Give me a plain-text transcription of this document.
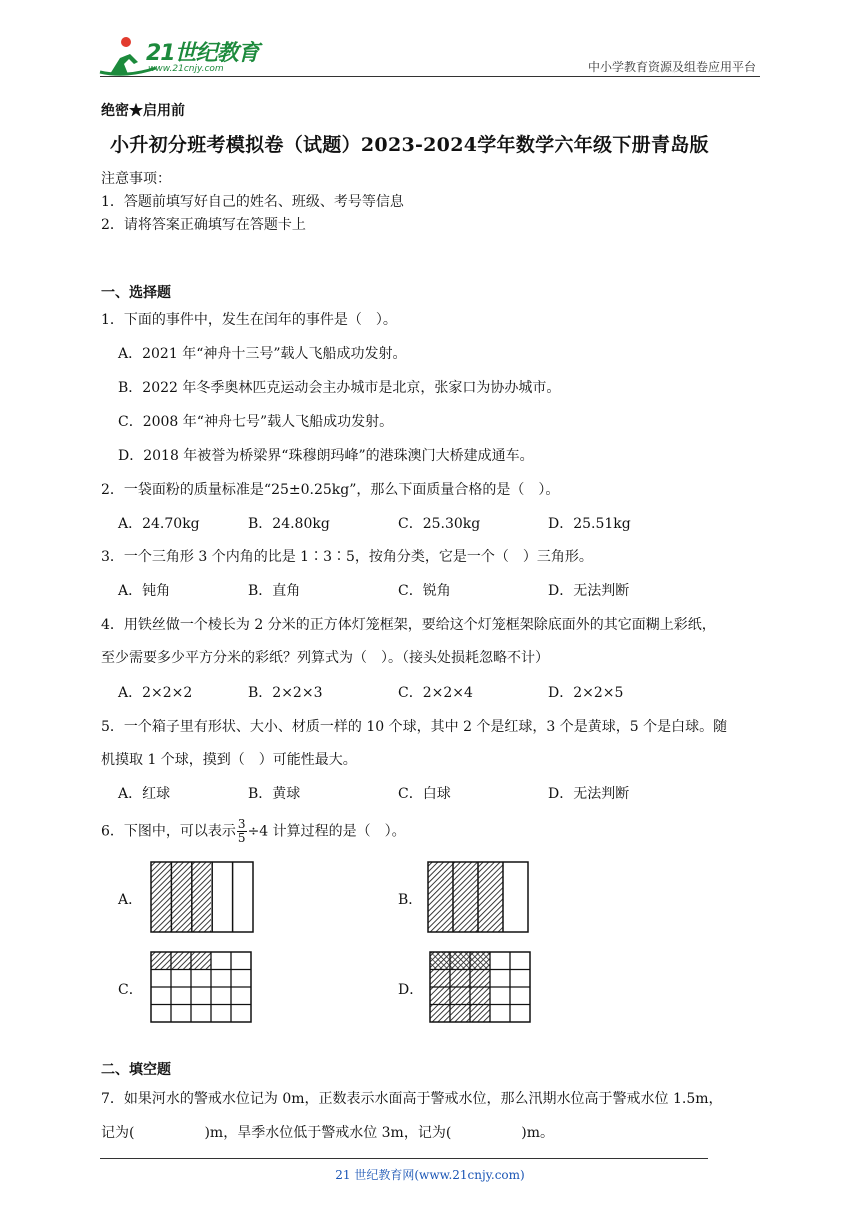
21世纪教育
www.21cnjy.com	中小学教育资源及组卷应用平台
绝密★启用前
小升初分班考模拟卷（试题）2023-2024学年数学六年级下册青岛版
注意事项：
1．答题前填写好自己的姓名、班级、考号等信息
2．请将答案正确填写在答题卡上
一、选择题
1．下面的事件中，发生在闰年的事件是（　）。
A．2021 年“神舟十三号”载人飞船成功发射。
B．2022 年冬季奥林匹克运动会主办城市是北京，张家口为协办城市。
C．2008 年“神舟七号”载人飞船成功发射。
D．2018 年被誉为桥梁界“珠穆朗玛峰”的港珠澳门大桥建成通车。
2．一袋面粉的质量标准是“25±0.25kg”，那么下面质量合格的是（　）。
A．24.70kg	B．24.80kg	C．25.30kg	D．25.51kg
3．一个三角形 3 个内角的比是 1∶3∶5，按角分类，它是一个（　）三角形。
A．钝角	B．直角	C．锐角	D．无法判断
4．用铁丝做一个棱长为 2 分米的正方体灯笼框架，要给这个灯笼框架除底面外的其它面糊上彩纸，
至少需要多少平方分米的彩纸？列算式为（　）。（接头处损耗忽略不计）
A．2×2×2	B．2×2×3	C．2×2×4	D．2×2×5
5．一个箱子里有形状、大小、材质一样的 10 个球，其中 2 个是红球，3 个是黄球，5 个是白球。随
机摸取 1 个球，摸到（　）可能性最大。
A．红球	B．黄球	C．白球	D．无法判断
6．下图中，可以表示 $\frac{3}{5} \div 4$ 计算过程的是（　）。
A．	B．
C．	D．
二、填空题
7．如果河水的警戒水位记为 0m，正数表示水面高于警戒水位，那么汛期水位高于警戒水位 1.5m，
记为(　　　　　)m，旱季水位低于警戒水位 3m，记为(　　　　　)m。
21 世纪教育网(www.21cnjy.com)
